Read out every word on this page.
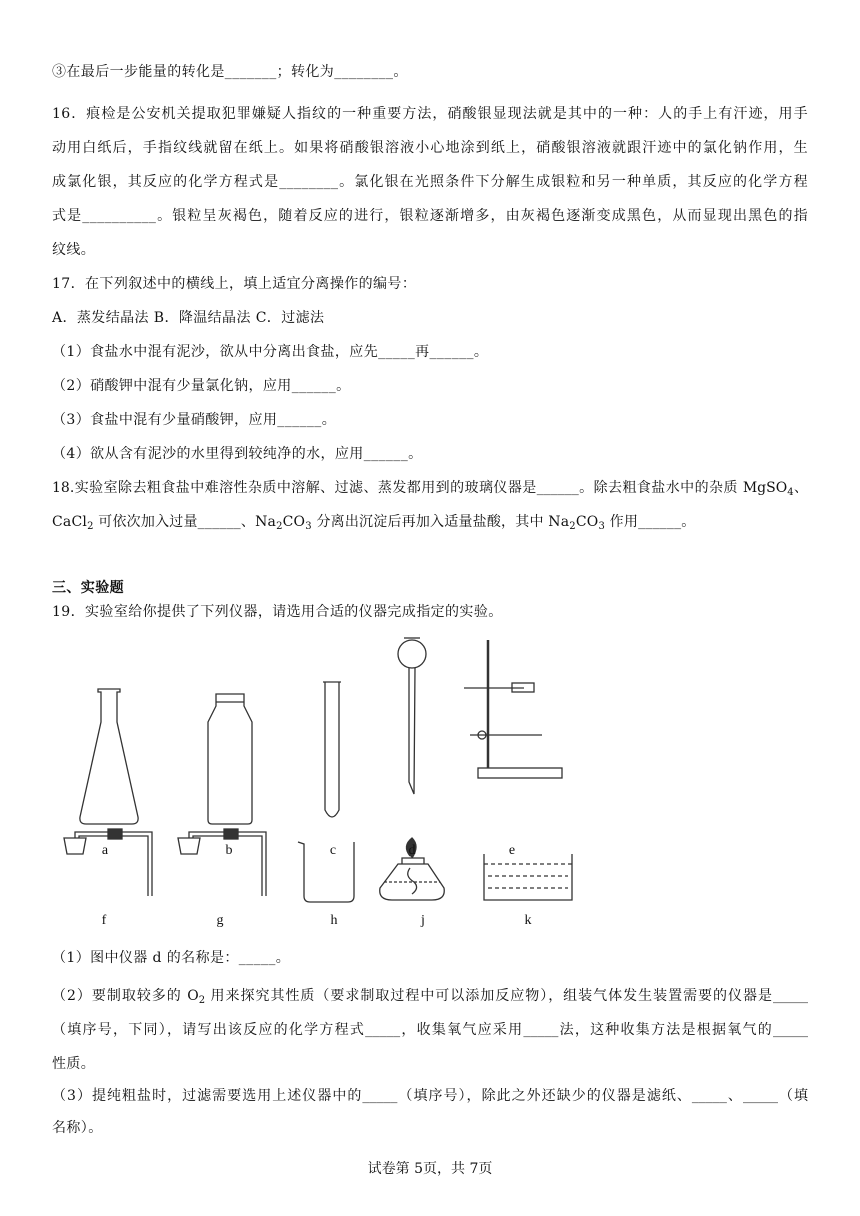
③在最后一步能量的转化是_______；转化为________。
16．痕检是公安机关提取犯罪嫌疑人指纹的一种重要方法，硝酸银显现法就是其中的一种：人的手上有汗迹，用手
动用白纸后，手指纹线就留在纸上。如果将硝酸银溶液小心地涂到纸上，硝酸银溶液就跟汗迹中的氯化钠作用，生
成氯化银，其反应的化学方程式是________。氯化银在光照条件下分解生成银粒和另一种单质，其反应的化学方程
式是__________。银粒呈灰褐色，随着反应的进行，银粒逐渐增多，由灰褐色逐渐变成黑色，从而显现出黑色的指
纹线。
17．在下列叙述中的横线上，填上适宜分离操作的编号：
A．蒸发结晶法 B．降温结晶法 C．过滤法
（1）食盐水中混有泥沙，欲从中分离出食盐，应先_____再______。
（2）硝酸钾中混有少量氯化钠，应用______。
（3）食盐中混有少量硝酸钾，应用______。
（4）欲从含有泥沙的水里得到较纯净的水，应用______。
18.实验室除去粗食盐中难溶性杂质中溶解、过滤、蒸发都用到的玻璃仪器是______。除去粗食盐水中的杂质 MgSO$_4$、
CaCl$_2$ 可依次加入过量______、$Na_2CO_3$ 分离出沉淀后再加入适量盐酸，其中 $Na_2CO_3$ 作用______。
三、实验题
19．实验室给你提供了下列仪器，请选用合适的仪器完成指定的实验。
a	b	c	d	e
f	g	h	j	k
（1）图中仪器 d 的名称是：_____。
（2）要制取较多的 $O_2$ 用来探究其性质（要求制取过程中可以添加反应物），组装气体发生装置需要的仪器是_____
（填序号，下同），请写出该反应的化学方程式_____，收集氧气应采用_____法，这种收集方法是根据氧气的_____
性质。
（3）提纯粗盐时，过滤需要选用上述仪器中的_____（填序号），除此之外还缺少的仪器是滤纸、_____、_____（填
名称）。
试卷第 5页，共 7页
